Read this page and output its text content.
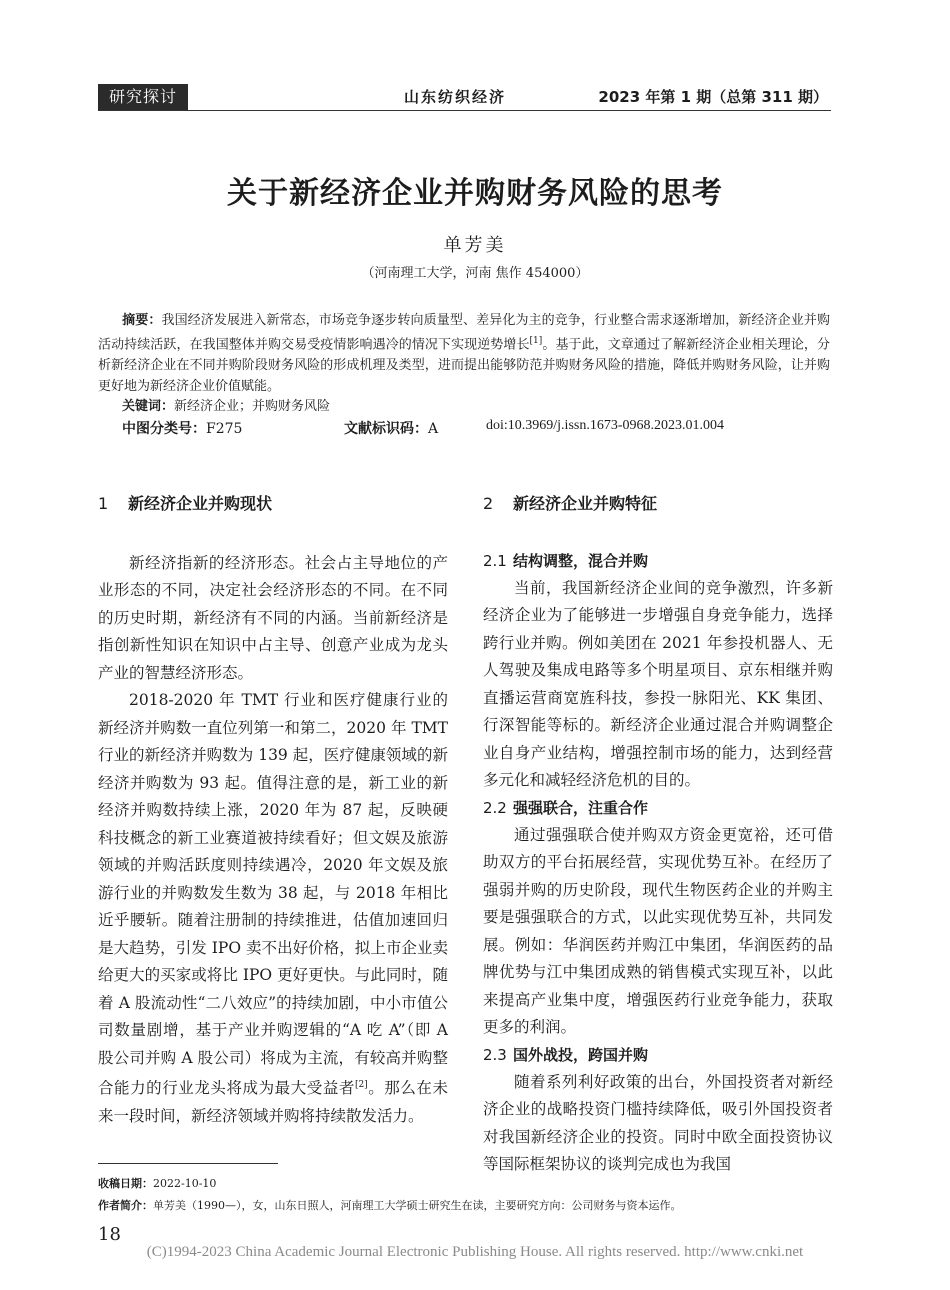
研究探讨	山东纺织经济	2023 年第 1 期（总第 311 期）
关于新经济企业并购财务风险的思考
单芳美
（河南理工大学，河南 焦作 454000）
摘要：我国经济发展进入新常态，市场竞争逐步转向质量型、差异化为主的竞争，行业整合需求逐渐增加，新经济企业并购活动持续活跃，在我国整体并购交易受疫情影响遇冷的情况下实现逆势增长[1]。基于此，文章通过了解新经济企业相关理论，分析新经济企业在不同并购阶段财务风险的形成机理及类型，进而提出能够防范并购财务风险的措施，降低并购财务风险，让并购更好地为新经济企业价值赋能。
关键词：新经济企业；并购财务风险
中图分类号：F275	文献标识码：A	doi:10.3969/j.issn.1673-0968.2023.01.004
1 新经济企业并购现状

新经济指新的经济形态。社会占主导地位的产业形态的不同，决定社会经济形态的不同。在不同的历史时期，新经济有不同的内涵。当前新经济是指创新性知识在知识中占主导、创意产业成为龙头产业的智慧经济形态。

2018-2020 年 TMT 行业和医疗健康行业的新经济并购数一直位列第一和第二，2020 年 TMT 行业的新经济并购数为 139 起，医疗健康领域的新经济并购数为 93 起。值得注意的是，新工业的新经济并购数持续上涨，2020 年为 87 起，反映硬科技概念的新工业赛道被持续看好；但文娱及旅游领域的并购活跃度则持续遇冷，2020 年文娱及旅游行业的并购数发生数为 38 起，与 2018 年相比近乎腰斩。随着注册制的持续推进，估值加速回归是大趋势，引发 IPO 卖不出好价格，拟上市企业卖给更大的买家或将比 IPO 更好更快。与此同时，随着 A 股流动性“二八效应”的持续加剧，中小市值公司数量剧增，基于产业并购逻辑的“A 吃 A”（即 A 股公司并购 A 股公司）将成为主流，有较高并购整合能力的行业龙头将成为最大受益者[2]。那么在未来一段时间，新经济领域并购将持续散发活力。

2 新经济企业并购特征
2.1 结构调整，混合并购

当前，我国新经济企业间的竞争激烈，许多新经济企业为了能够进一步增强自身竞争能力，选择跨行业并购。例如美团在 2021 年参投机器人、无人驾驶及集成电路等多个明星项目、京东相继并购直播运营商宽旌科技，参投一脉阳光、KK 集团、行深智能等标的。新经济企业通过混合并购调整企业自身产业结构，增强控制市场的能力，达到经营多元化和减轻经济危机的目的。

2.2 强强联合，注重合作

通过强强联合使并购双方资金更宽裕，还可借助双方的平台拓展经营，实现优势互补。在经历了强弱并购的历史阶段，现代生物医药企业的并购主要是强强联合的方式，以此实现优势互补，共同发展。例如：华润医药并购江中集团，华润医药的品牌优势与江中集团成熟的销售模式实现互补，以此来提高产业集中度，增强医药行业竞争能力，获取更多的利润。

2.3 国外战投，跨国并购

随着系列利好政策的出台，外国投资者对新经济企业的战略投资门槛持续降低，吸引外国投资者对我国新经济企业的投资。同时中欧全面投资协议等国际框架协议的谈判完成也为我国

收稿日期：2022-10-10
作者简介：单芳美（1990—），女，山东日照人，河南理工大学硕士研究生在读，主要研究方向：公司财务与资本运作。
18
(C)1994-2023 China Academic Journal Electronic Publishing House. All rights reserved. http://www.cnki.net
